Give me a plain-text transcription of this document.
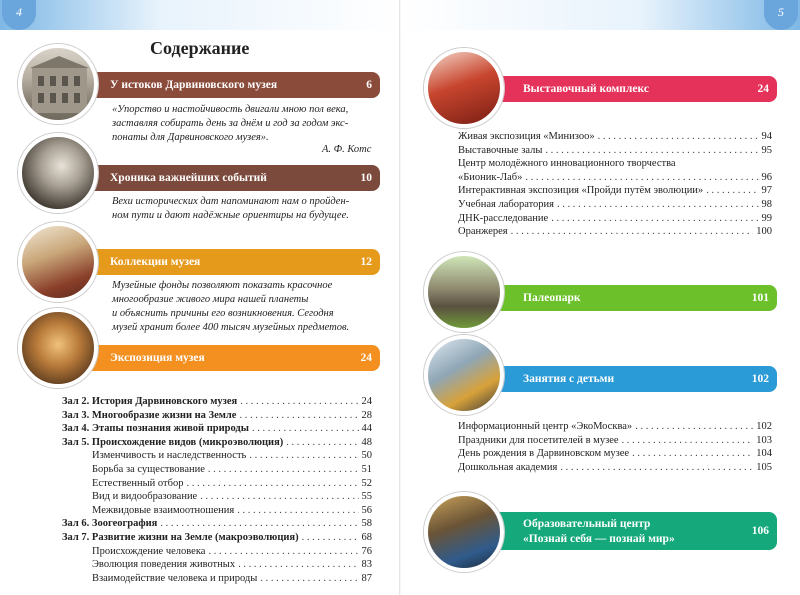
4	5
Содержание
У истоков Дарвиновского музея	6
«Упорство и настойчивость двигали мною пол века,
заставляя собирать день за днём и год за годом экс-
понаты для Дарвиновского музея».
А. Ф. Котс
Хроника важнейших событий	10
Вехи исторических дат напоминают нам о пройден-
ном пути и дают надёжные ориентиры на будущее.
Коллекции музея	12
Музейные фонды позволяют показать красочное
многообразие живого мира нашей планеты
и объяснить причины его возникновения. Сегодня
музей хранит более 400 тысяч музейных предметов.
Экспозиция музея	24
Зал 2. История Дарвиновского музея . . .	24
Зал 3. Многообразие жизни на Земле . . .	28
Зал 4. Этапы познания живой природы . . .	44
Зал 5. Происхождение видов (микроэволюция) . . .	48
Изменчивость и наследственность . . .	50
Борьба за существование . . .	51
Естественный отбор . . .	52
Вид и видообразование . . .	55
Межвидовые взаимоотношения . . .	56
Зал 6. Зоогеография . . .	58
Зал 7. Развитие жизни на Земле (макроэволюция) . . .	68
Происхождение человека . . .	76
Эволюция поведения животных . . .	83
Взаимодействие человека и природы . . .	87
Выставочный комплекс	24
Живая экспозиция «Минизоо» . . .	94
Выставочные залы . . .	95
Центр молодёжного инновационного творчества
«Бионик-Лаб» . . .	96
Интерактивная экспозиция «Пройди путём эволюции» . . .	97
Учебная лаборатория . . .	98
ДНК-расследование . . .	99
Оранжерея . . .	100
Палеопарк	101
Занятия с детьми	102
Информационный центр «ЭкоМосква» . . .	102
Праздники для посетителей в музее . . .	103
День рождения в Дарвиновском музее . . .	104
Дошкольная академия . . .	105
Образовательный центр
«Познай себя — познай мир»
106
